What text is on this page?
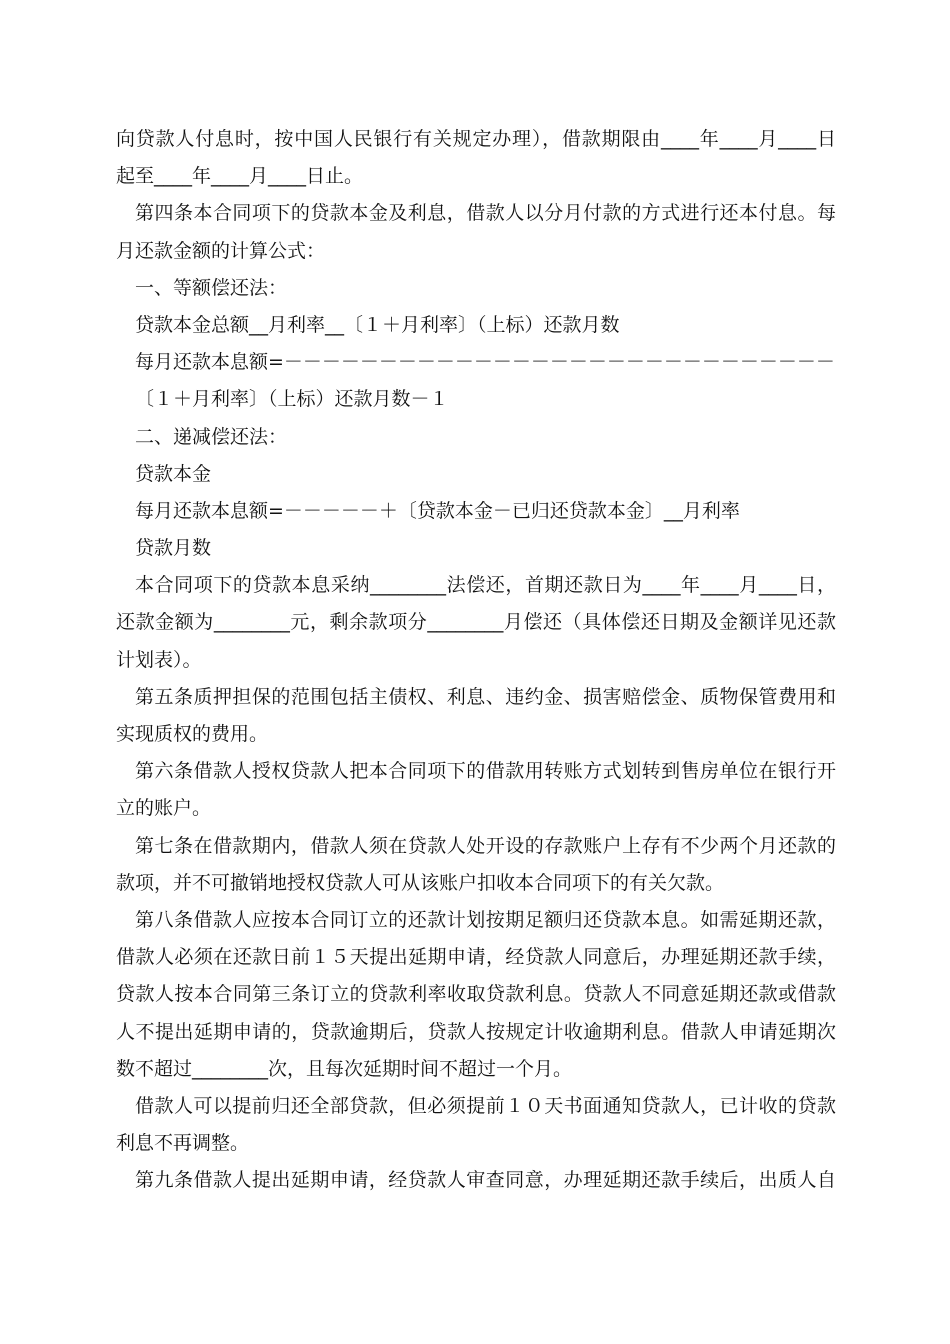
向贷款人付息时，按中国人民银行有关规定办理），借款期限由____年____月____日
起至____年____月____日止。
第四条本合同项下的贷款本金及利息，借款人以分月付款的方式进行还本付息。每
月还款金额的计算公式：
一、等额偿还法：
贷款本金总额__月利率__〔１＋月利率〕（上标）还款月数
每月还款本息额=－－－－－－－－－－－－－－－－－－－－－－－－－－－－－
〔１＋月利率〕（上标）还款月数－１
二、递减偿还法：
贷款本金
每月还款本息额=－－－－－＋〔贷款本金－已归还贷款本金〕__月利率
贷款月数
本合同项下的贷款本息采纳________法偿还，首期还款日为____年____月____日，
还款金额为________元，剩余款项分________月偿还（具体偿还日期及金额详见还款
计划表）。
第五条质押担保的范围包括主债权、利息、违约金、损害赔偿金、质物保管费用和
实现质权的费用。
第六条借款人授权贷款人把本合同项下的借款用转账方式划转到售房单位在银行开
立的账户。
第七条在借款期内，借款人须在贷款人处开设的存款账户上存有不少两个月还款的
款项，并不可撤销地授权贷款人可从该账户扣收本合同项下的有关欠款。
第八条借款人应按本合同订立的还款计划按期足额归还贷款本息。如需延期还款，
借款人必须在还款日前１５天提出延期申请，经贷款人同意后，办理延期还款手续，
贷款人按本合同第三条订立的贷款利率收取贷款利息。贷款人不同意延期还款或借款
人不提出延期申请的，贷款逾期后，贷款人按规定计收逾期利息。借款人申请延期次
数不超过________次，且每次延期时间不超过一个月。
借款人可以提前归还全部贷款，但必须提前１０天书面通知贷款人，已计收的贷款
利息不再调整。
第九条借款人提出延期申请，经贷款人审查同意，办理延期还款手续后，出质人自
